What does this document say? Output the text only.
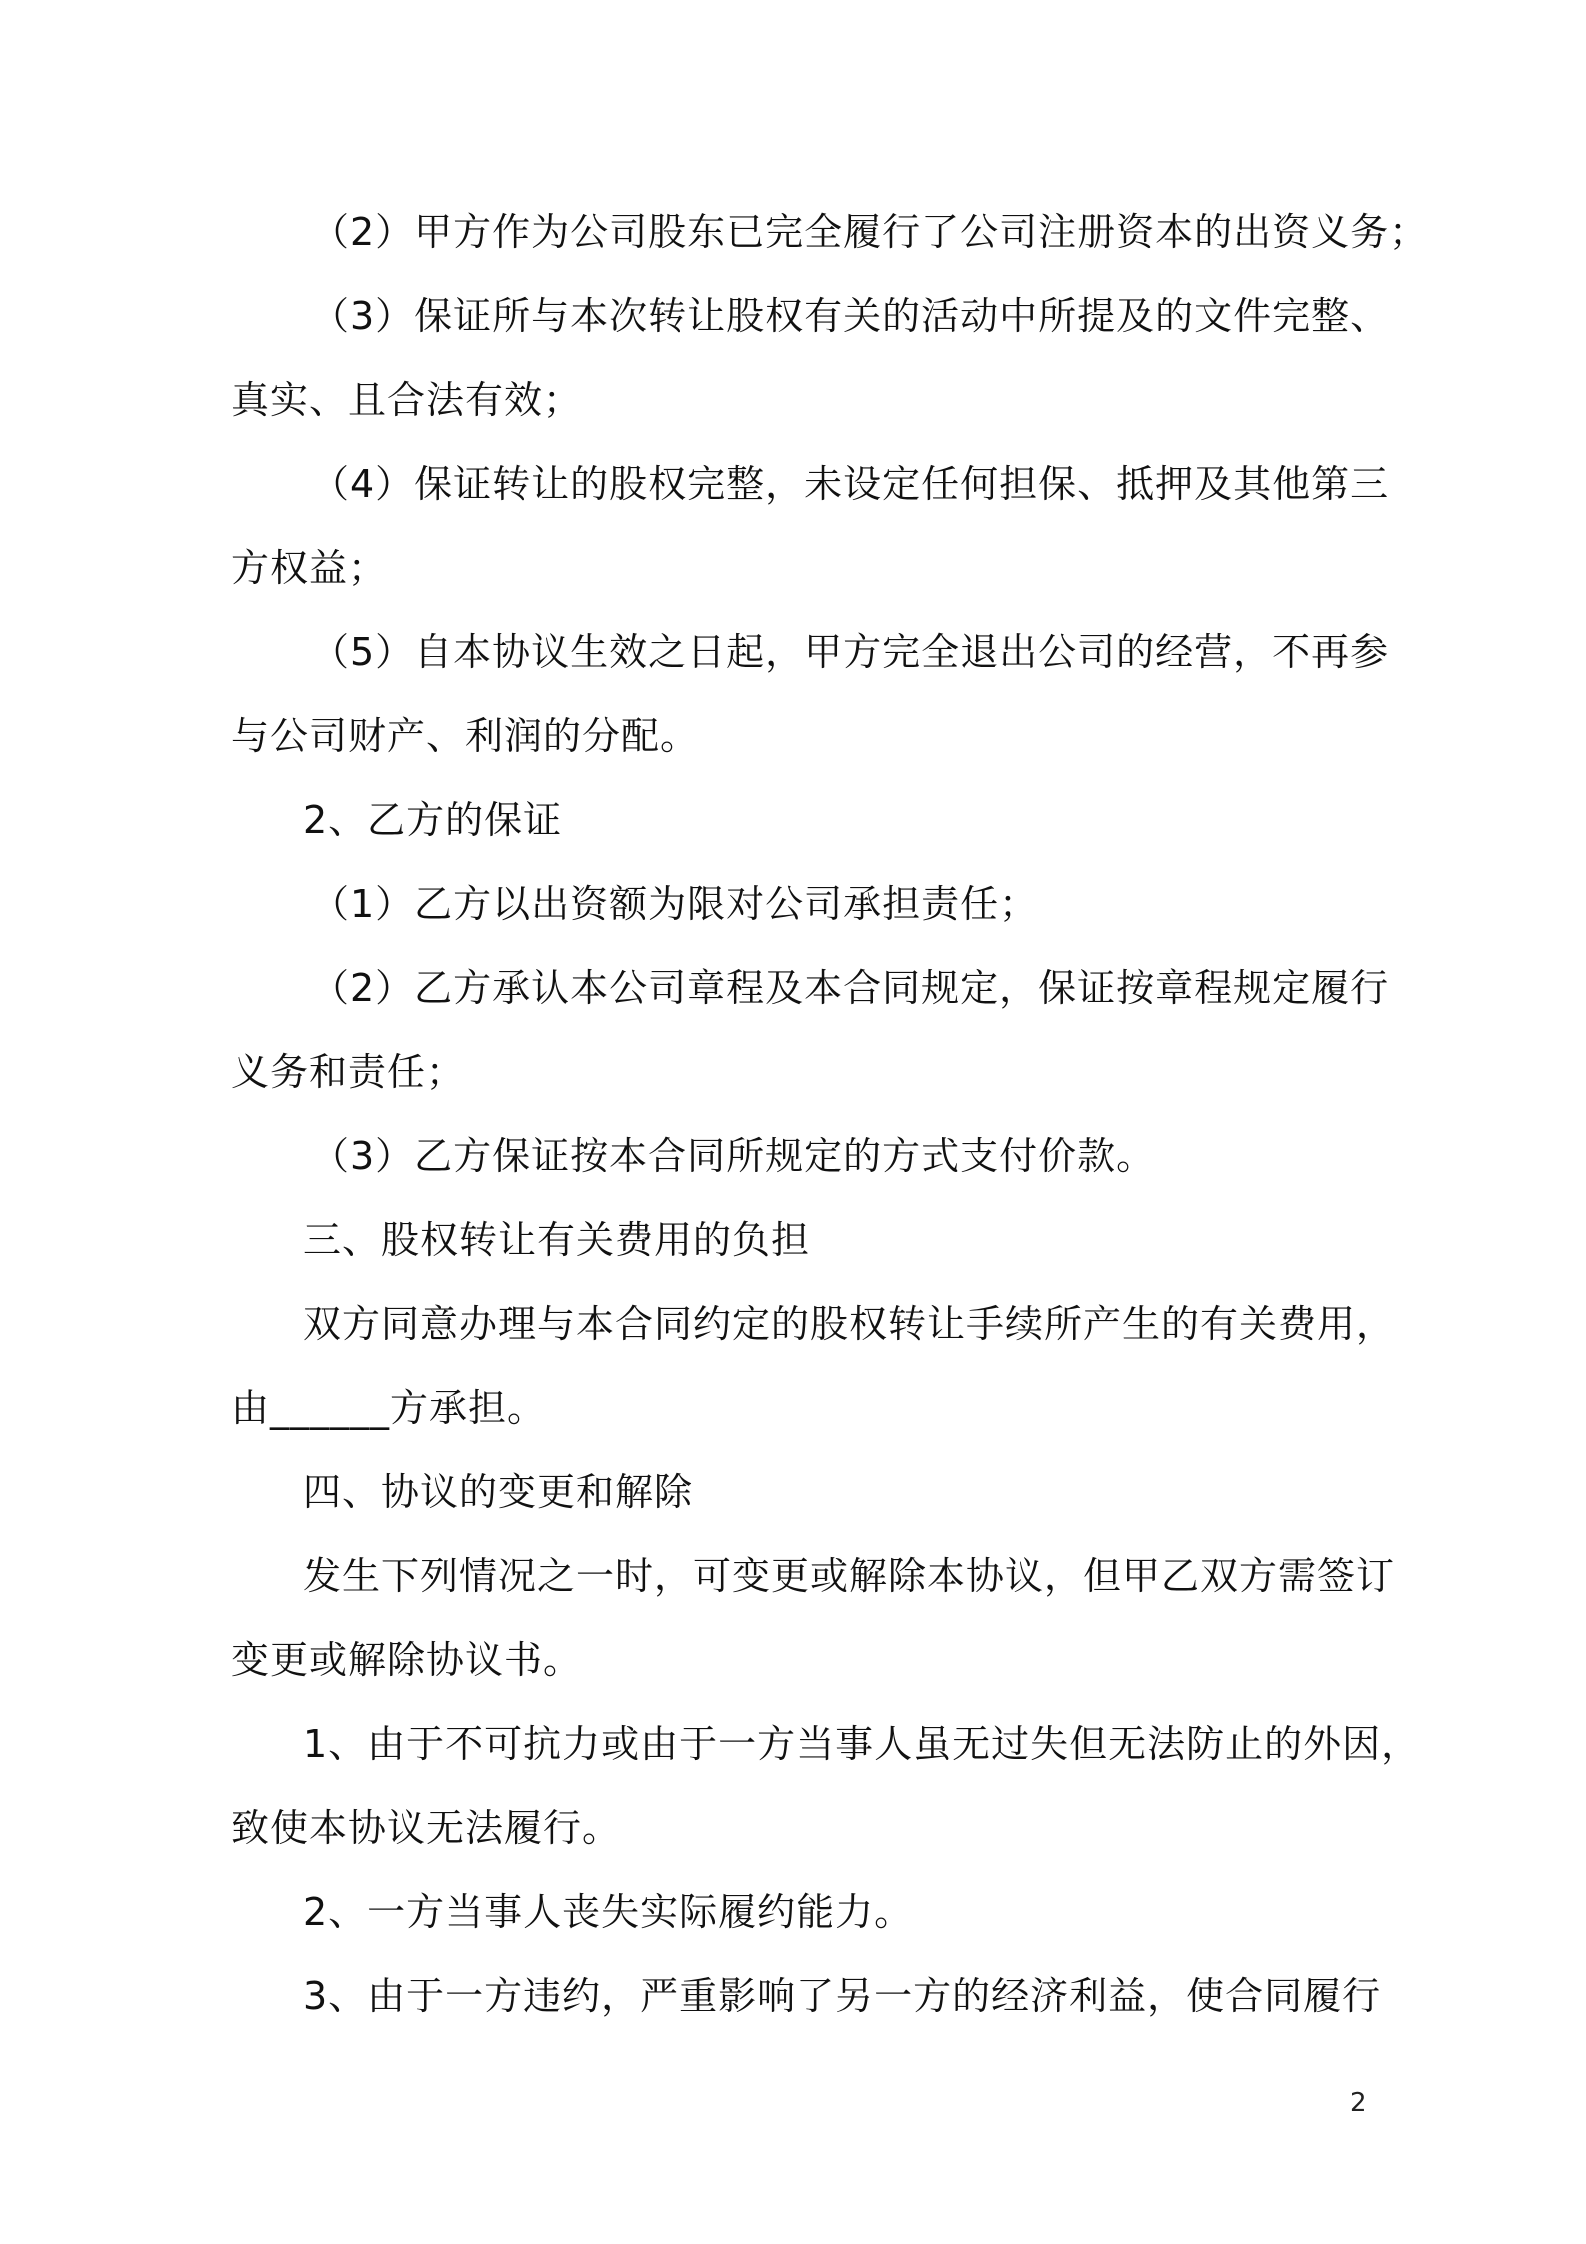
（2）甲方作为公司股东已完全履行了公司注册资本的出资义务；

（3）保证所与本次转让股权有关的活动中所提及的文件完整、

真实、且合法有效；

（4）保证转让的股权完整，未设定任何担保、抵押及其他第三

方权益；

（5）自本协议生效之日起，甲方完全退出公司的经营，不再参

与公司财产、利润的分配。

2、乙方的保证

（1）乙方以出资额为限对公司承担责任；

（2）乙方承认本公司章程及本合同规定，保证按章程规定履行

义务和责任；

（3）乙方保证按本合同所规定的方式支付价款。

三、股权转让有关费用的负担

双方同意办理与本合同约定的股权转让手续所产生的有关费用，

由______方承担。

四、协议的变更和解除

发生下列情况之一时，可变更或解除本协议，但甲乙双方需签订

变更或解除协议书。

1、由于不可抗力或由于一方当事人虽无过失但无法防止的外因，

致使本协议无法履行。

2、一方当事人丧失实际履约能力。

3、由于一方违约，严重影响了另一方的经济利益，使合同履行

2
